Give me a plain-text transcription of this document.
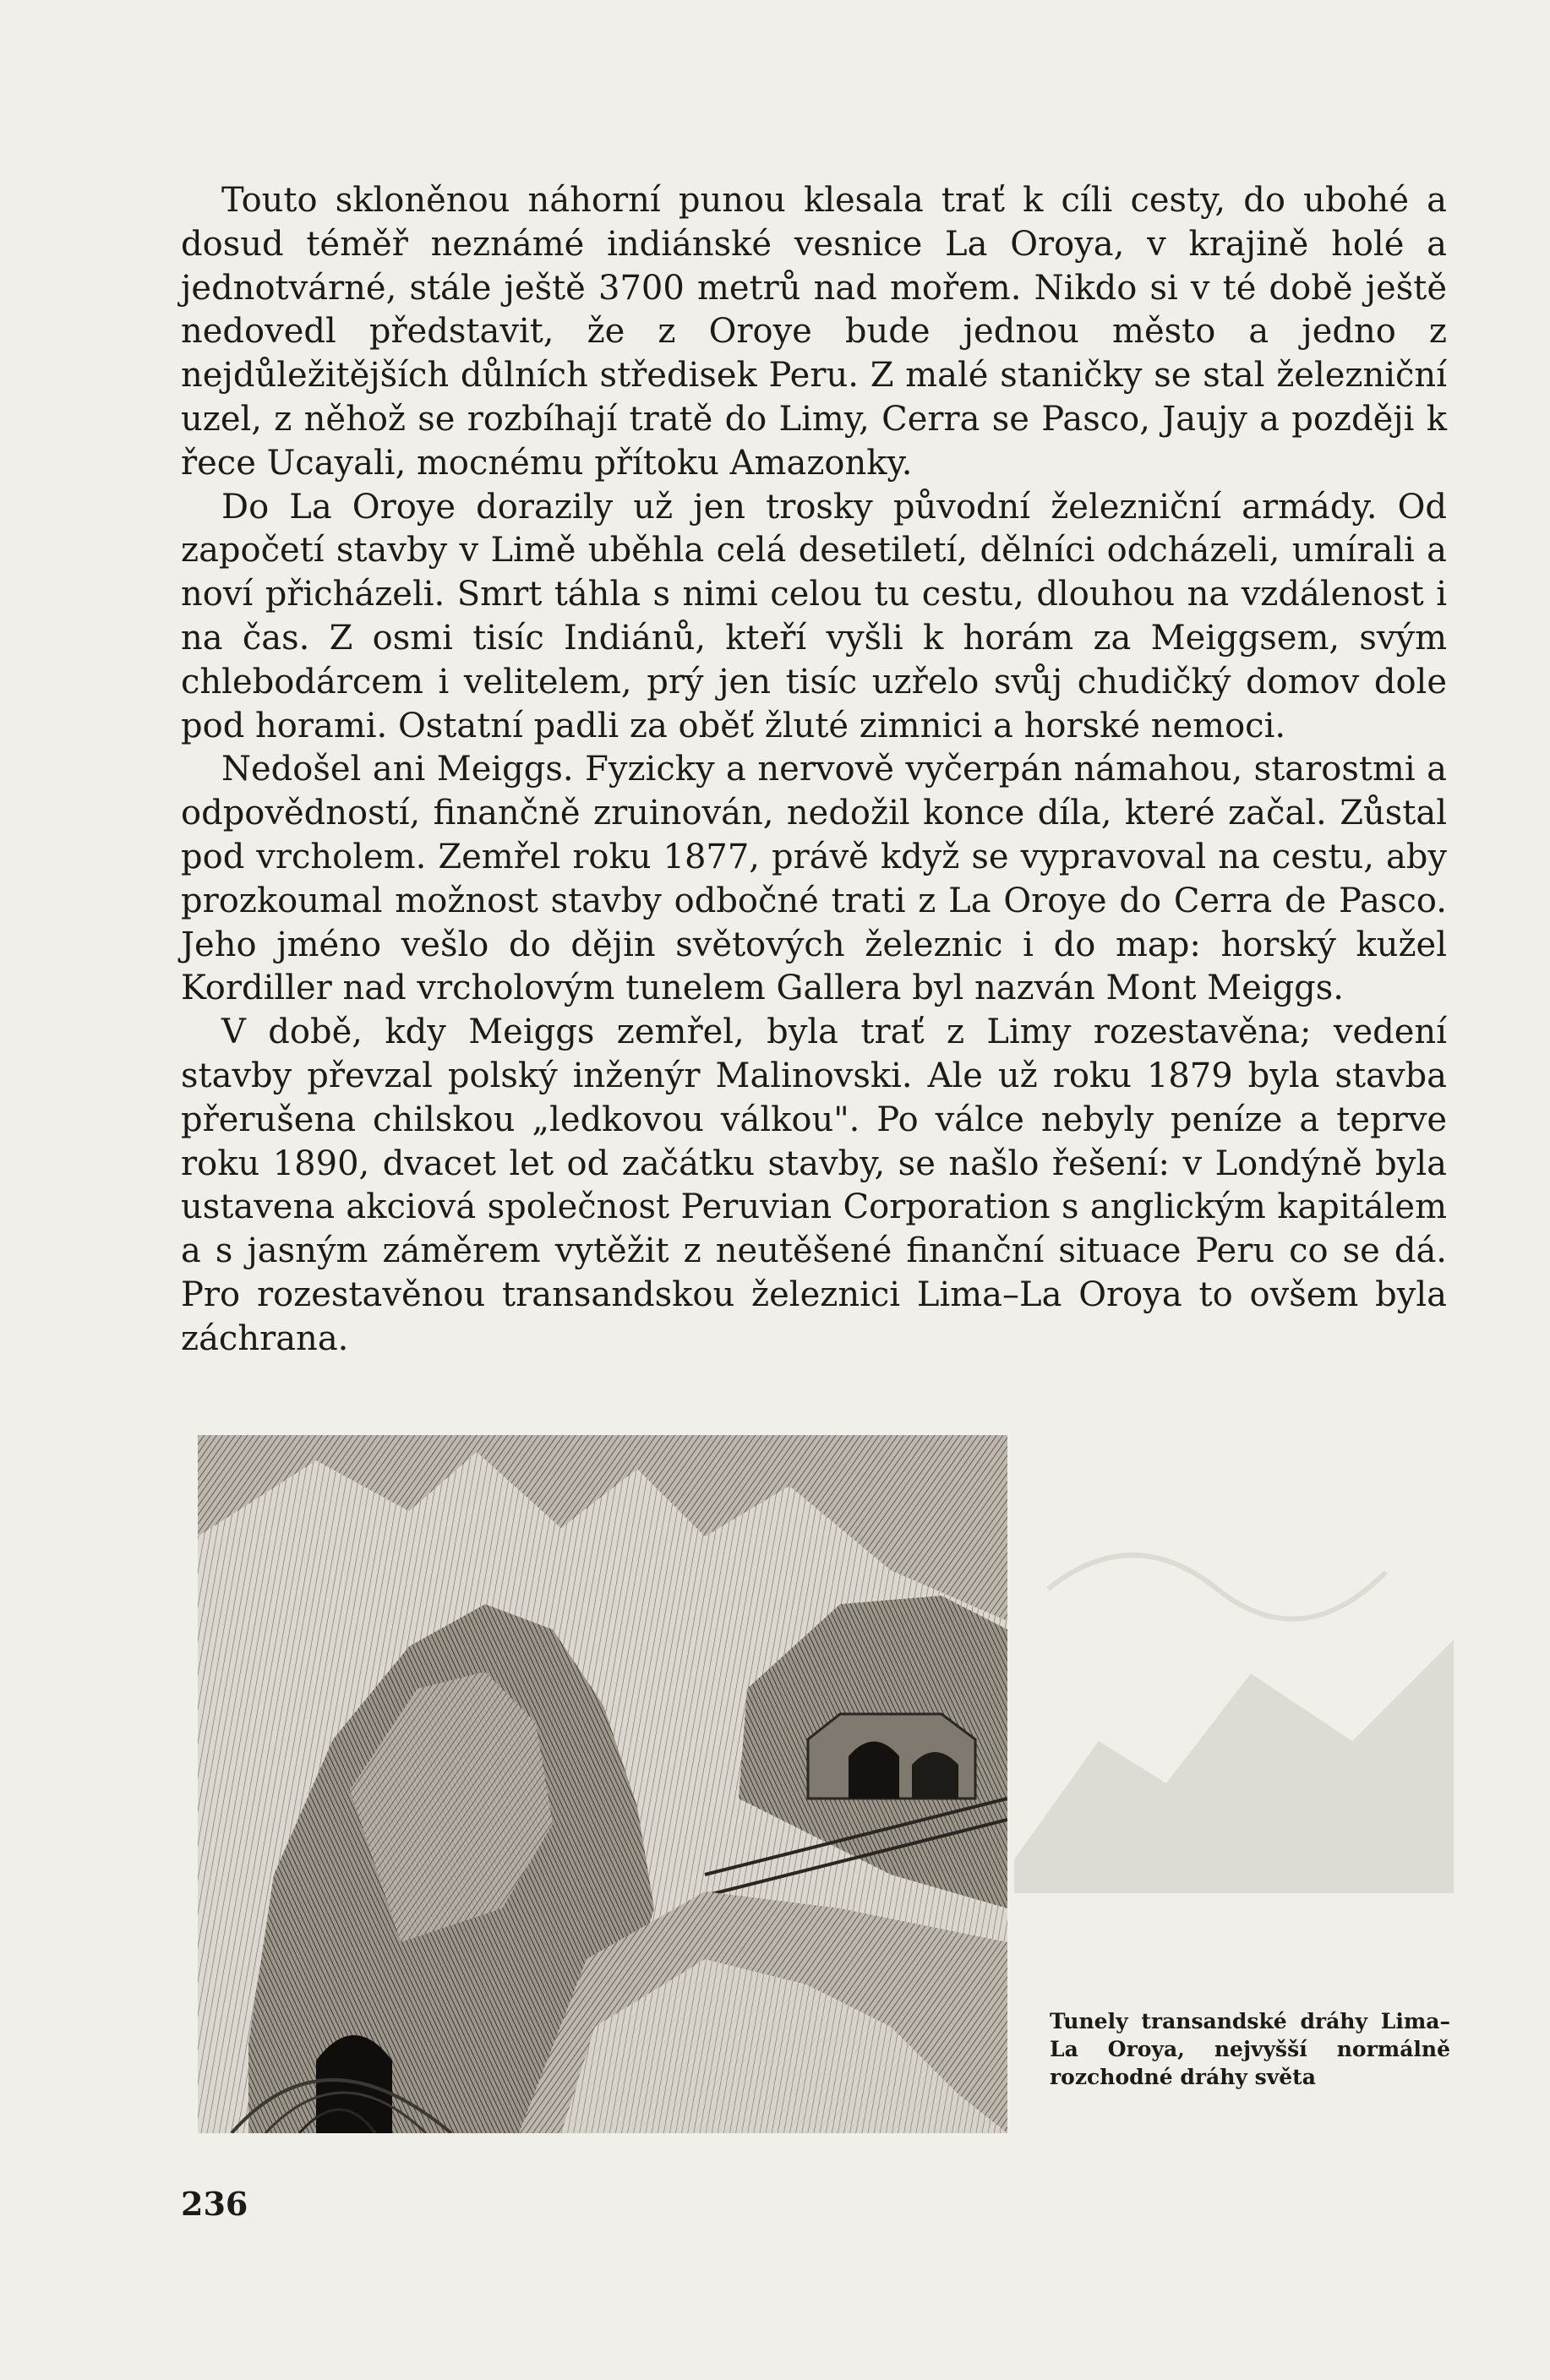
Touto skloněnou náhorní punou klesala trať k cíli cesty, do ubohé a dosud téměř neznámé indiánské vesnice La Oroya, v krajině holé a jednotvárné, stále ještě 3700 metrů nad mořem. Nikdo si v té době ještě nedovedl představit, že z Oroye bude jednou město a jedno z nejdůležitějších důlních středisek Peru. Z malé staničky se stal železniční uzel, z něhož se rozbíhají tratě do Limy, Cerra se Pasco, Jaujy a později k řece Ucayali, mocnému přítoku Amazonky.

Do La Oroye dorazily už jen trosky původní železniční armády. Od započetí stavby v Limě uběhla celá desetiletí, dělníci odcházeli, umírali a noví přicházeli. Smrt táhla s nimi celou tu cestu, dlouhou na vzdálenost i na čas. Z osmi tisíc Indiánů, kteří vyšli k horám za Meiggsem, svým chlebodárcem i velitelem, prý jen tisíc uzřelo svůj chudičký domov dole pod horami. Ostatní padli za oběť žluté zimnici a horské nemoci.

Nedošel ani Meiggs. Fyzicky a nervově vyčerpán námahou, starostmi a odpovědností, finančně zruinován, nedožil konce díla, které začal. Zůstal pod vrcholem. Zemřel roku 1877, právě když se vypravoval na cestu, aby prozkoumal možnost stavby odbočné trati z La Oroye do Cerra de Pasco. Jeho jméno vešlo do dějin světových železnic i do map: horský kužel Kordiller nad vrcholovým tunelem Gallera byl nazván Mont Meiggs.

V době, kdy Meiggs zemřel, byla trať z Limy rozestavěna; vedení stavby převzal polský inženýr Malinovski. Ale už roku 1879 byla stavba přerušena chilskou „ledkovou válkou". Po válce nebyly peníze a teprve roku 1890, dvacet let od začátku stavby, se našlo řešení: v Londýně byla ustavena akciová společnost Peruvian Corporation s anglickým kapitálem a s jasným záměrem vytěžit z neutěšené finanční situace Peru co se dá. Pro rozestavěnou transandskou železnici Lima–La Oroya to ovšem byla záchrana.

Tunely transandské dráhy Lima–La Oroya, nejvyšší normálně rozchodné dráhy světa
236
